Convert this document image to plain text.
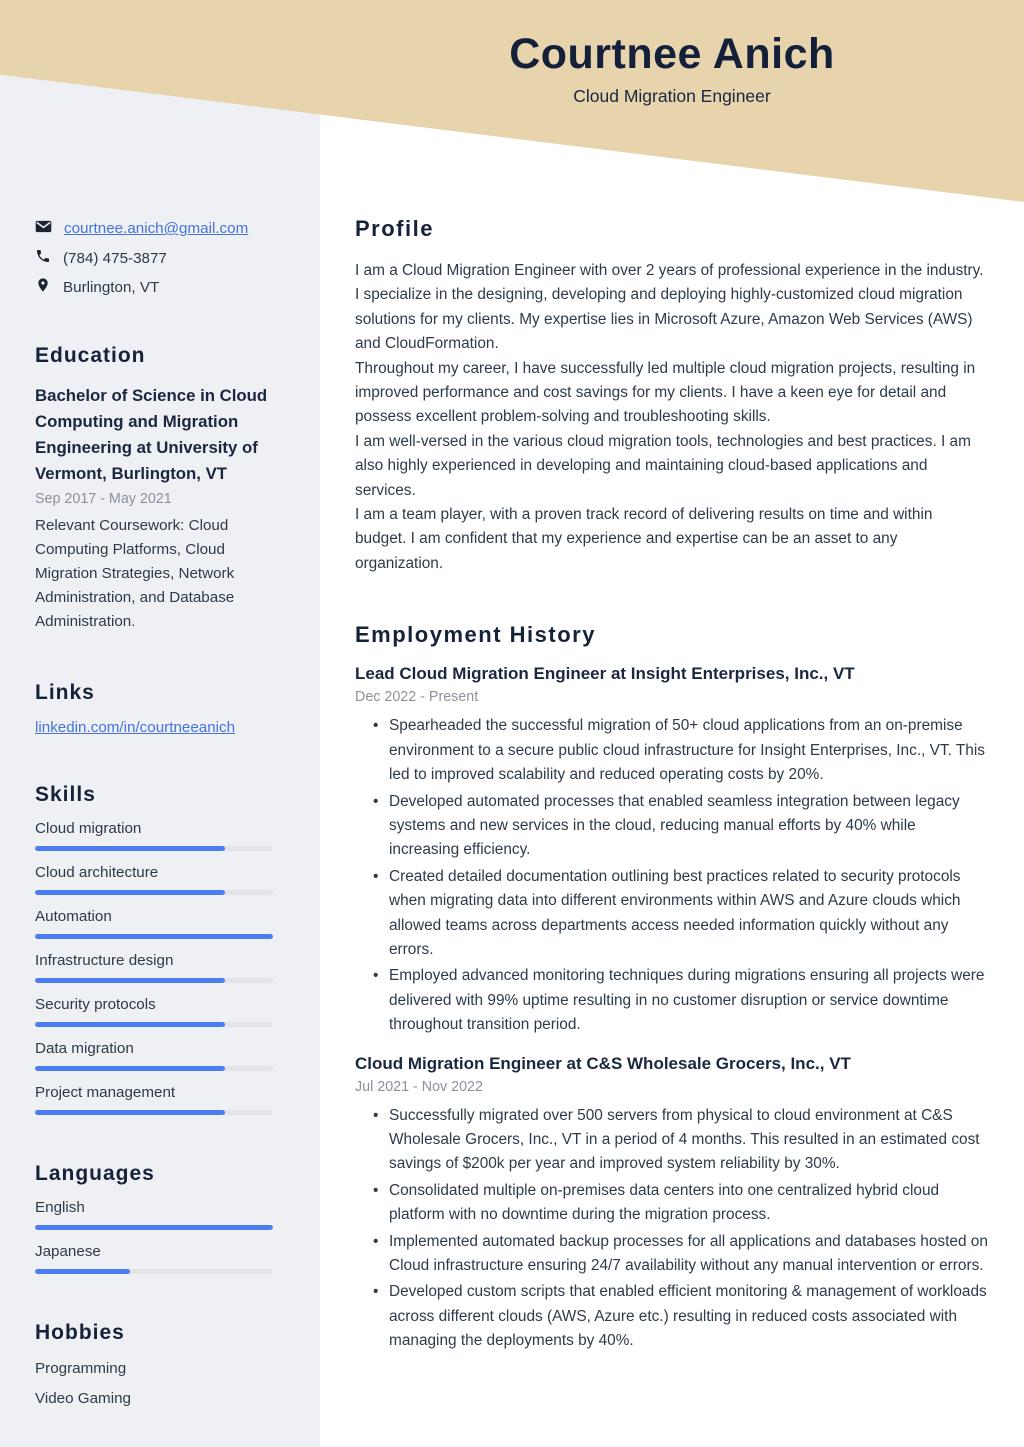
Courtnee Anich
Cloud Migration Engineer
courtnee.anich@gmail.com
(784) 475-3877
Burlington, VT
Education
Bachelor of Science in Cloud Computing and Migration Engineering at University of Vermont, Burlington, VT
Sep 2017 - May 2021
Relevant Coursework: Cloud Computing Platforms, Cloud Migration Strategies, Network Administration, and Database Administration.
Links
linkedin.com/in/courtneeanich
Skills
Cloud migration
Cloud architecture
Automation
Infrastructure design
Security protocols
Data migration
Project management
Languages
English
Japanese
Hobbies
Programming
Video Gaming
Profile

I am a Cloud Migration Engineer with over 2 years of professional experience in the industry. I specialize in the designing, developing and deploying highly-customized cloud migration solutions for my clients. My expertise lies in Microsoft Azure, Amazon Web Services (AWS) and CloudFormation.

Throughout my career, I have successfully led multiple cloud migration projects, resulting in improved performance and cost savings for my clients. I have a keen eye for detail and possess excellent problem-solving and troubleshooting skills.

I am well-versed in the various cloud migration tools, technologies and best practices. I am also highly experienced in developing and maintaining cloud-based applications and services.

I am a team player, with a proven track record of delivering results on time and within budget. I am confident that my experience and expertise can be an asset to any organization.

Employment History
Lead Cloud Migration Engineer at Insight Enterprises, Inc., VT
Dec 2022 - Present
• Spearheaded the successful migration of 50+ cloud applications from an on-premise environment to a secure public cloud infrastructure for Insight Enterprises, Inc., VT. This led to improved scalability and reduced operating costs by 20%.
• Developed automated processes that enabled seamless integration between legacy systems and new services in the cloud, reducing manual efforts by 40% while increasing efficiency.
• Created detailed documentation outlining best practices related to security protocols when migrating data into different environments within AWS and Azure clouds which allowed teams across departments access needed information quickly without any errors.
• Employed advanced monitoring techniques during migrations ensuring all projects were delivered with 99% uptime resulting in no customer disruption or service downtime throughout transition period.
Cloud Migration Engineer at C&S Wholesale Grocers, Inc., VT
Jul 2021 - Nov 2022
• Successfully migrated over 500 servers from physical to cloud environment at C&S Wholesale Grocers, Inc., VT in a period of 4 months. This resulted in an estimated cost savings of $200k per year and improved system reliability by 30%.
• Consolidated multiple on-premises data centers into one centralized hybrid cloud platform with no downtime during the migration process.
• Implemented automated backup processes for all applications and databases hosted on Cloud infrastructure ensuring 24/7 availability without any manual intervention or errors.
• Developed custom scripts that enabled efficient monitoring & management of workloads across different clouds (AWS, Azure etc.) resulting in reduced costs associated with managing the deployments by 40%.
